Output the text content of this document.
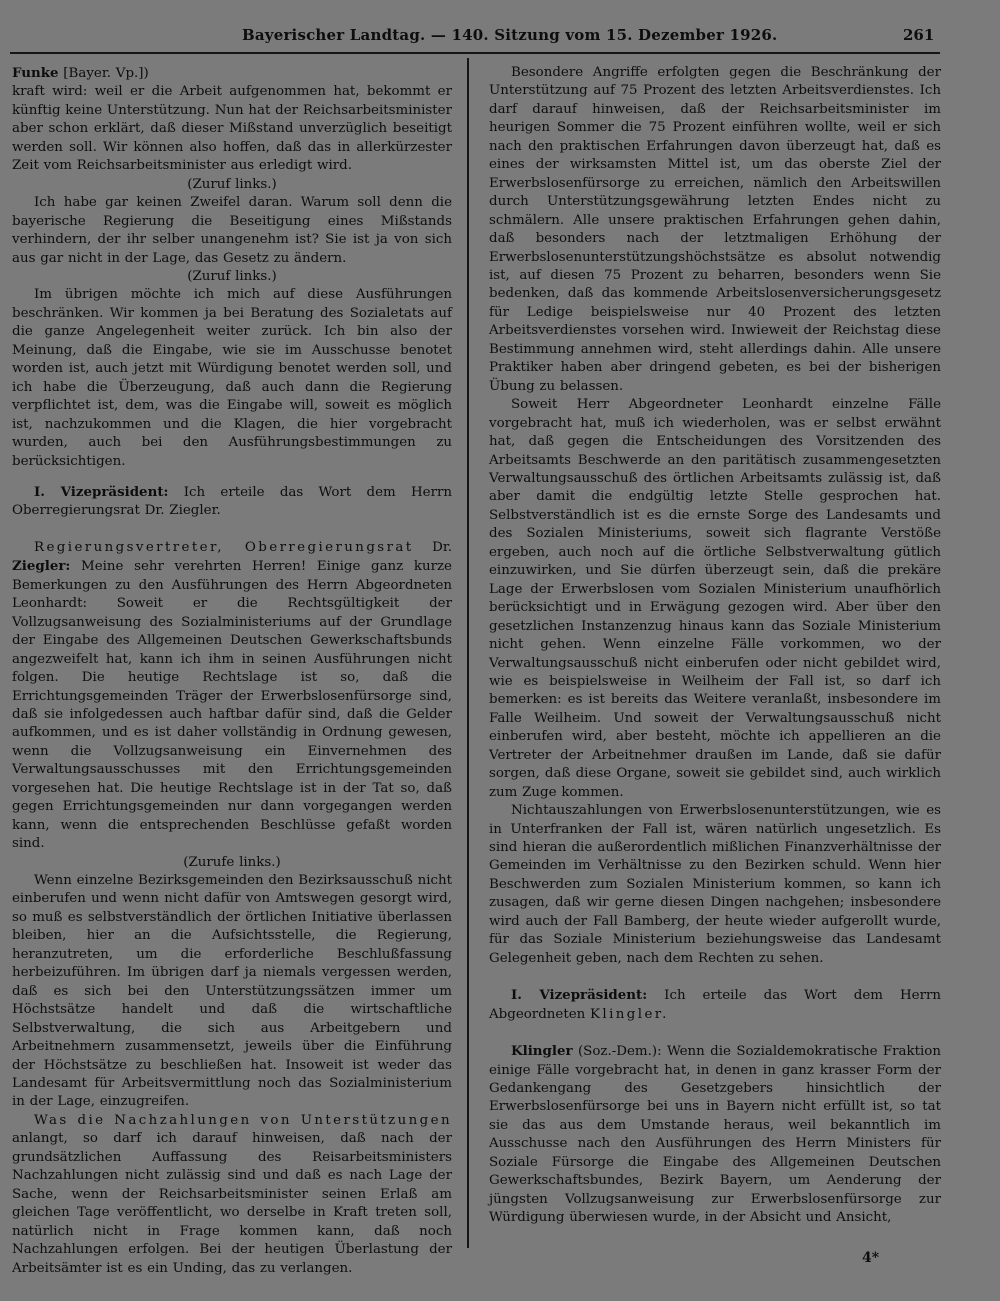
Bayerischer Landtag. — 140. Sitzung vom 15. Dezember 1926.	261

Funke [Bayer. Vp.])

kraft wird: weil er die Arbeit aufgenommen hat, bekommt er künftig keine Unterstützung. Nun hat der Reichsarbeitsminister aber schon erklärt, daß dieser Mißstand unverzüglich beseitigt werden soll. Wir können also hoffen, daß das in allerkürzester Zeit vom Reichsarbeitsminister aus erledigt wird.

(Zuruf links.)

Ich habe gar keinen Zweifel daran. Warum soll denn die bayerische Regierung die Beseitigung eines Mißstands verhindern, der ihr selber unangenehm ist? Sie ist ja von sich aus gar nicht in der Lage, das Gesetz zu ändern.

(Zuruf links.)

Im übrigen möchte ich mich auf diese Ausführungen beschränken. Wir kommen ja bei Beratung des Sozialetats auf die ganze Angelegenheit weiter zurück. Ich bin also der Meinung, daß die Eingabe, wie sie im Ausschusse benotet worden ist, auch jetzt mit Würdigung benotet werden soll, und ich habe die Überzeugung, daß auch dann die Regierung verpflichtet ist, dem, was die Eingabe will, soweit es möglich ist, nachzukommen und die Klagen, die hier vorgebracht wurden, auch bei den Ausführungsbestimmungen zu berücksichtigen.

I. Vizepräsident: Ich erteile das Wort dem Herrn Oberregierungsrat Dr. Ziegler.

Regierungsvertreter, Oberregierungsrat Dr. Ziegler: Meine sehr verehrten Herren! Einige ganz kurze Bemerkungen zu den Ausführungen des Herrn Abgeordneten Leonhardt: Soweit er die Rechtsgültigkeit der Vollzugsanweisung des Sozialministeriums auf der Grundlage der Eingabe des Allgemeinen Deutschen Gewerkschaftsbunds angezweifelt hat, kann ich ihm in seinen Ausführungen nicht folgen. Die heutige Rechtslage ist so, daß die Errichtungsgemeinden Träger der Erwerbslosenfürsorge sind, daß sie infolgedessen auch haftbar dafür sind, daß die Gelder aufkommen, und es ist daher vollständig in Ordnung gewesen, wenn die Vollzugsanweisung ein Einvernehmen des Verwaltungsausschusses mit den Errichtungsgemeinden vorgesehen hat. Die heutige Rechtslage ist in der Tat so, daß gegen Errichtungsgemeinden nur dann vorgegangen werden kann, wenn die entsprechenden Beschlüsse gefaßt worden sind.

(Zurufe links.)

Wenn einzelne Bezirksgemeinden den Bezirksausschuß nicht einberufen und wenn nicht dafür von Amtswegen gesorgt wird, so muß es selbstverständlich der örtlichen Initiative überlassen bleiben, hier an die Aufsichtsstelle, die Regierung, heranzutreten, um die erforderliche Beschlußfassung herbeizuführen. Im übrigen darf ja niemals vergessen werden, daß es sich bei den Unterstützungssätzen immer um Höchstsätze handelt und daß die wirtschaftliche Selbstverwaltung, die sich aus Arbeitgebern und Arbeitnehmern zusammensetzt, jeweils über die Einführung der Höchstsätze zu beschließen hat. Insoweit ist weder das Landesamt für Arbeitsvermittlung noch das Sozialministerium in der Lage, einzugreifen.

Was die Nachzahlungen von Unterstützungen anlangt, so darf ich darauf hinweisen, daß nach der grundsätzlichen Auffassung des Reisarbeitsministers Nachzahlungen nicht zulässig sind und daß es nach Lage der Sache, wenn der Reichsarbeitsminister seinen Erlaß am gleichen Tage veröffentlicht, wo derselbe in Kraft treten soll, natürlich nicht in Frage kommen kann, daß noch Nachzahlungen erfolgen. Bei der heutigen Überlastung der Arbeitsämter ist es ein Unding, das zu verlangen.

Besondere Angriffe erfolgten gegen die Beschränkung der Unterstützung auf 75 Prozent des letzten Arbeitsverdienstes. Ich darf darauf hinweisen, daß der Reichsarbeitsminister im heurigen Sommer die 75 Prozent einführen wollte, weil er sich nach den praktischen Erfahrungen davon überzeugt hat, daß es eines der wirksamsten Mittel ist, um das oberste Ziel der Erwerbslosenfürsorge zu erreichen, nämlich den Arbeitswillen durch Unterstützungsgewährung letzten Endes nicht zu schmälern. Alle unsere praktischen Erfahrungen gehen dahin, daß besonders nach der letztmaligen Erhöhung der Erwerbslosenunterstützungshöchstsätze es absolut notwendig ist, auf diesen 75 Prozent zu beharren, besonders wenn Sie bedenken, daß das kommende Arbeitslosenversicherungsgesetz für Ledige beispielsweise nur 40 Prozent des letzten Arbeitsverdienstes vorsehen wird. Inwieweit der Reichstag diese Bestimmung annehmen wird, steht allerdings dahin. Alle unsere Praktiker haben aber dringend gebeten, es bei der bisherigen Übung zu belassen.

Soweit Herr Abgeordneter Leonhardt einzelne Fälle vorgebracht hat, muß ich wiederholen, was er selbst erwähnt hat, daß gegen die Entscheidungen des Vorsitzenden des Arbeitsamts Beschwerde an den paritätisch zusammengesetzten Verwaltungsausschuß des örtlichen Arbeitsamts zulässig ist, daß aber damit die endgültig letzte Stelle gesprochen hat. Selbstverständlich ist es die ernste Sorge des Landesamts und des Sozialen Ministeriums, soweit sich flagrante Verstöße ergeben, auch noch auf die örtliche Selbstverwaltung gütlich einzuwirken, und Sie dürfen überzeugt sein, daß die prekäre Lage der Erwerbslosen vom Sozialen Ministerium unaufhörlich berücksichtigt und in Erwägung gezogen wird. Aber über den gesetzlichen Instanzenzug hinaus kann das Soziale Ministerium nicht gehen. Wenn einzelne Fälle vorkommen, wo der Verwaltungsausschuß nicht einberufen oder nicht gebildet wird, wie es beispielsweise in Weilheim der Fall ist, so darf ich bemerken: es ist bereits das Weitere veranlaßt, insbesondere im Falle Weilheim. Und soweit der Verwaltungsausschuß nicht einberufen wird, aber besteht, möchte ich appellieren an die Vertreter der Arbeitnehmer draußen im Lande, daß sie dafür sorgen, daß diese Organe, soweit sie gebildet sind, auch wirklich zum Zuge kommen.

Nichtauszahlungen von Erwerbslosenunterstützungen, wie es in Unterfranken der Fall ist, wären natürlich ungesetzlich. Es sind hieran die außerordentlich mißlichen Finanzverhältnisse der Gemeinden im Verhältnisse zu den Bezirken schuld. Wenn hier Beschwerden zum Sozialen Ministerium kommen, so kann ich zusagen, daß wir gerne diesen Dingen nachgehen; insbesondere wird auch der Fall Bamberg, der heute wieder aufgerollt wurde, für das Soziale Ministerium beziehungsweise das Landesamt Gelegenheit geben, nach dem Rechten zu sehen.

I. Vizepräsident: Ich erteile das Wort dem Herrn Abgeordneten Klingler.

Klingler (Soz.-Dem.): Wenn die Sozialdemokratische Fraktion einige Fälle vorgebracht hat, in denen in ganz krasser Form der Gedankengang des Gesetzgebers hinsichtlich der Erwerbslosenfürsorge bei uns in Bayern nicht erfüllt ist, so tat sie das aus dem Umstande heraus, weil bekanntlich im Ausschusse nach den Ausführungen des Herrn Ministers für Soziale Fürsorge die Eingabe des Allgemeinen Deutschen Gewerkschaftsbundes, Bezirk Bayern, um Aenderung der jüngsten Vollzugsanweisung zur Erwerbslosenfürsorge zur Würdigung überwiesen wurde, in der Absicht und Ansicht,

4*
